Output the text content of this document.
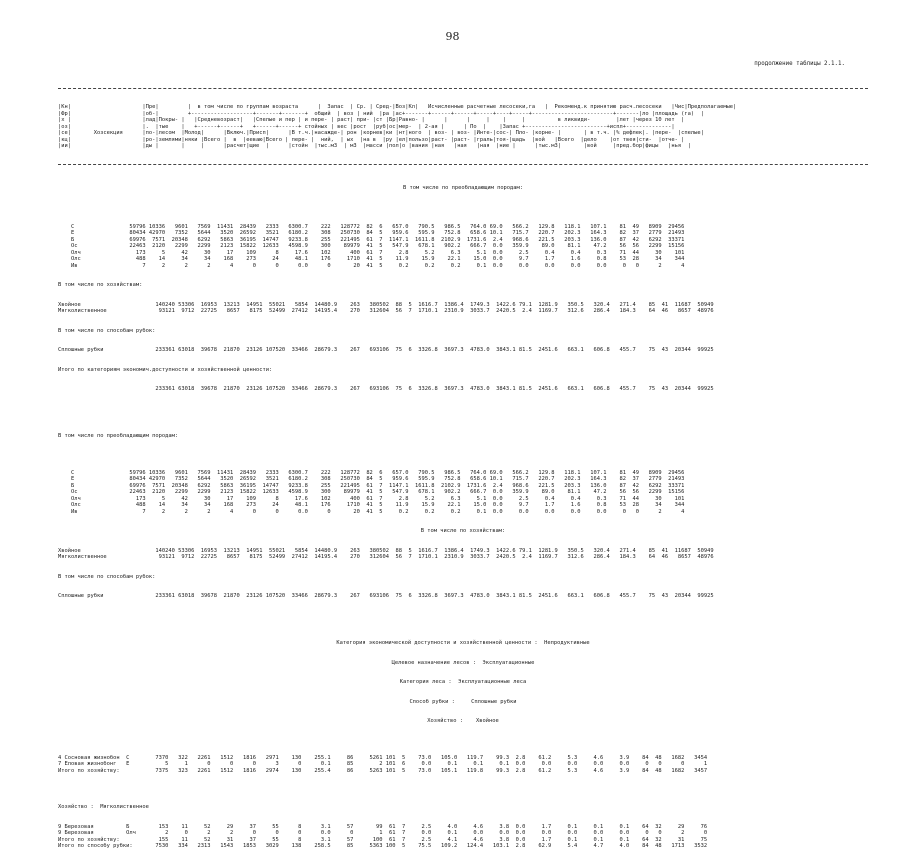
98
продолжение таблицы 2.1.1.

|Кн|                      |Пре|         |  в том числе по группам возраста      |  Запас  | Ср. | Сред-|Воз|Кл|   Исчисленные расчетные лесосеки,га   |  Рекоменд.к принятию расч.лесосеки   |Чис|Предполагаемые|
|Фр|                      |об-|         +-------------------+-------+-------+  общий  | воз | ний  |ра |ас+-------+------+------+-----+----+-----+-------------------------+-------|ло |площадь (га)  |
|х |                      |лад|Покры- |   |Средневозраст|   |Спелые и пер | и пере- | раст| при- |ст |Бр|Равно- |      |      |     |    |     |          в ликвиди-        |лет |через 10 лет  |
|оз|                      |.  |тые    |   +------+------+   +------+------+ стойных | вес |рост  |руб|ос|мер-  | 2-ая |      | По  |    |Запас +-------------------------+испл+--------------|
|се|       Хозсекция      |по-|лесом  |Молод|      |Включ.|Присп|      |В т.ч.|насажде-| рон |корнев|ки |нт|ного  | воз- | воз- |Инте-|сос-| Пло- |корне- |       | в т.ч. |% дефлек|. |пере-  |спелые|
|кц|                      |ро-|землями|няки |Всего |  в  |ееваю|Всего | пере- |  ний,  | ых  |на в  |ру |ел|пользо|раст- |раст- |граль|тоя-|щадь  |вой   |Всего  |дело    |от твея|сти-  |отче- |
|ии|                      |ды |       |     |      |расчет|щие  |      |стойн  |тыс.м3  | м3  |масси |пол|о |вания |ная   |ная   |ная  |ние |      |тыс.м3|       |вой     |пред.бор|фицы   |нья  |

В том числе по преобладающим породам:

С                 59796 10336   9601   7569  11431  28439   2333   6300.7    222   128772  82  6   657.0   790.5   986.5   764.0 69.0   566.2   129.8   118.1   107.1    81  49   8909  29456
Е                 80434 42970   7352   5644   3520  26592   3521   6180.2    308   250730  84  5   959.6   595.9   752.8   658.6 10.1   715.7   220.7   202.3   164.3    82  37   2779  21493
Б                 69976  7571  20348   6292   5863  36195  14747   9233.8    255   221495  61  7  1147.1  1611.8  2102.9  1731.6  2.4   968.6   221.5   203.3   136.0    87  42   6292  33371
Ос                22463  2120   2299   2299   2123  15822  12633   4598.9    300    89979  41  5   547.9   678.1   902.2   666.7  0.0   359.9    89.0    81.1    47.2    56  56   2299  15156
Олч                 173     5     42     30     17    109      8     17.6    102      400  61  7     2.8     5.2     6.3     5.1  0.0     2.5     0.4     0.4     0.3    71  44     30    101
Олс                 488    14     34     34    168    273     24     48.1    176     1710  41  5    11.9    15.9    22.1    15.0  0.0     9.7     1.7     1.6     0.8    53  28     34    344
Ив                    7     2      2      2      4      0      0      0.0      0       20  41  5     0.2     0.2     0.2     0.1  0.0     0.0     0.0     0.0     0.0     0   0      2      4

В том числе по хозяйствам:

Хвойное                       140240 53306  16953  13213  14951  55021   5854  14480.9    263   380502  88  5  1616.7  1386.4  1749.3  1422.6 79.1  1281.9   350.5   320.4   271.4    85  41  11687  50949
Мягколиственное                93121  9712  22725   8657   8175  52499  27412  14195.4    270   312604  56  7  1710.1  2310.9  3033.7  2420.5  2.4  1169.7   312.6   286.4   184.3    64  46   8657  48976

В том числе по способам рубок:

Сплошные рубки                233361 63018  39678  21870  23126 107520  33466  28679.3    267   693106  75  6  3326.8  3697.3  4783.0  3843.1 81.5  2451.6   663.1   606.8   455.7    75  43  20344  99925

Итого по категориям экономич.доступности и хозяйственной ценности:

233361 63018  39678  21870  23126 107520  33466  28679.3    267   693106  75  6  3326.8  3697.3  4783.0  3843.1 81.5  2451.6   663.1   606.8   455.7    75  43  20344  99925

В том числе по преобладающим породам:

С                 59796 10336   9601   7569  11431  28439   2333   6300.7    222   128772  82  6   657.0   790.5   986.5   764.0 69.0   566.2   129.8   118.1   107.1    81  49   8909  29456
Е                 80434 42970   7352   5644   3520  26592   3521   6180.2    308   250730  84  5   959.6   595.9   752.8   658.6 10.1   715.7   220.7   202.3   164.3    82  37   2779  21493
Б                 69976  7571  20348   6292   5863  36195  14747   9233.8    255   221495  61  7  1147.1  1611.8  2102.9  1731.6  2.4   968.6   221.5   203.3   136.0    87  42   6292  33371
Ос                22463  2120   2299   2299   2123  15822  12633   4598.9    300    89979  41  5   547.9   678.1   902.2   666.7  0.0   359.9    89.0    81.1    47.2    56  56   2299  15156
Олч                 173     5     42     30     17    109      8     17.6    102      400  61  7     2.8     5.2     6.3     5.1  0.0     2.5     0.4     0.4     0.3    71  44     30    101
Олс                 488    14     34     34    168    273     24     48.1    176     1710  41  5    11.9    15.9    22.1    15.0  0.0     9.7     1.7     1.6     0.8    53  28     34    344
Ив                    7     2      2      2      4      0      0      0.0      0       20  41  5     0.2     0.2     0.2     0.1  0.0     0.0     0.0     0.0     0.0     0   0      2      4

В том числе по хозяйствам:

Хвойное                       140240 53306  16953  13213  14951  55021   5854  14480.9    263   380502  88  5  1616.7  1386.4  1749.3  1422.6 79.1  1281.9   350.5   320.4   271.4    85  41  11687  50949
Мягколиственное                93121  9712  22725   8657   8175  52499  27412  14195.4    270   312604  56  7  1710.1  2310.9  3033.7  2420.5  2.4  1169.7   312.6   286.4   184.3    64  46   8657  48976

В том числе по способам рубок:

Сплошные рубки                233361 63018  39678  21870  23126 107520  33466  28679.3    267   693106  75  6  3326.8  3697.3  4783.0  3843.1 81.5  2451.6   663.1   606.8   455.7    75  43  20344  99925

Категория экономической доступности и хозяйственной ценности :  Непродуктивные

Целевое назначение лесов :  Эксплуатационные

Категория леса :  Эксплуатационные леса

Способ рубки :     Сплошные рубки

Хозяйство :    Хвойное

4 Сосновая жизнобон  С        7370   322   2261   1512   1816   2971    130    255.1     86     5261 101  5    73.0   105.0   119.7    99.3  2.8    61.2     5.3     4.6     3.9    84  48   1682   3454
7 Еловая жизнобонг   Е           5     1      0      0      0      3      0      0.1     85        2 101  6     0.0     0.1     0.1     0.1  0.0     0.0     0.0     0.0     0.0     0   0      0      1
Итого по хозяйству:           7375   323   2261   1512   1816   2974    130    255.4     86     5263 101  5    73.0   105.1   119.8    99.3  2.8    61.2     5.3     4.6     3.9    84  48   1682   3457

Хозяйство :  Мягколиственное

9 Березовая          Б         153    11     52     29     37     55      8      3.1     57       99  61  7     2.5     4.0     4.6     3.8  0.0     1.7     0.1     0.1     0.1    64  32     29     76
9 Березовая          Олч         2     0      2      2      0      0      0      0.0      0        1  61  7     0.0     0.1     0.0     0.0  0.0     0.0     0.0     0.0     0.0     0   0      2      0
Итого по хозяйству:            155    11     52     31     37     55      8      3.1     57      100  61  7     2.5     4.1     4.6     3.8  0.0     1.7     0.1     0.1     0.1    64  32     31     75
Итого по способу рубки:       7530   334   2313   1543   1853   3029    138    258.5     85     5363 100  5    75.5   109.2   124.4   103.1  2.8    62.9     5.4     4.7     4.0    84  48   1713   3532
